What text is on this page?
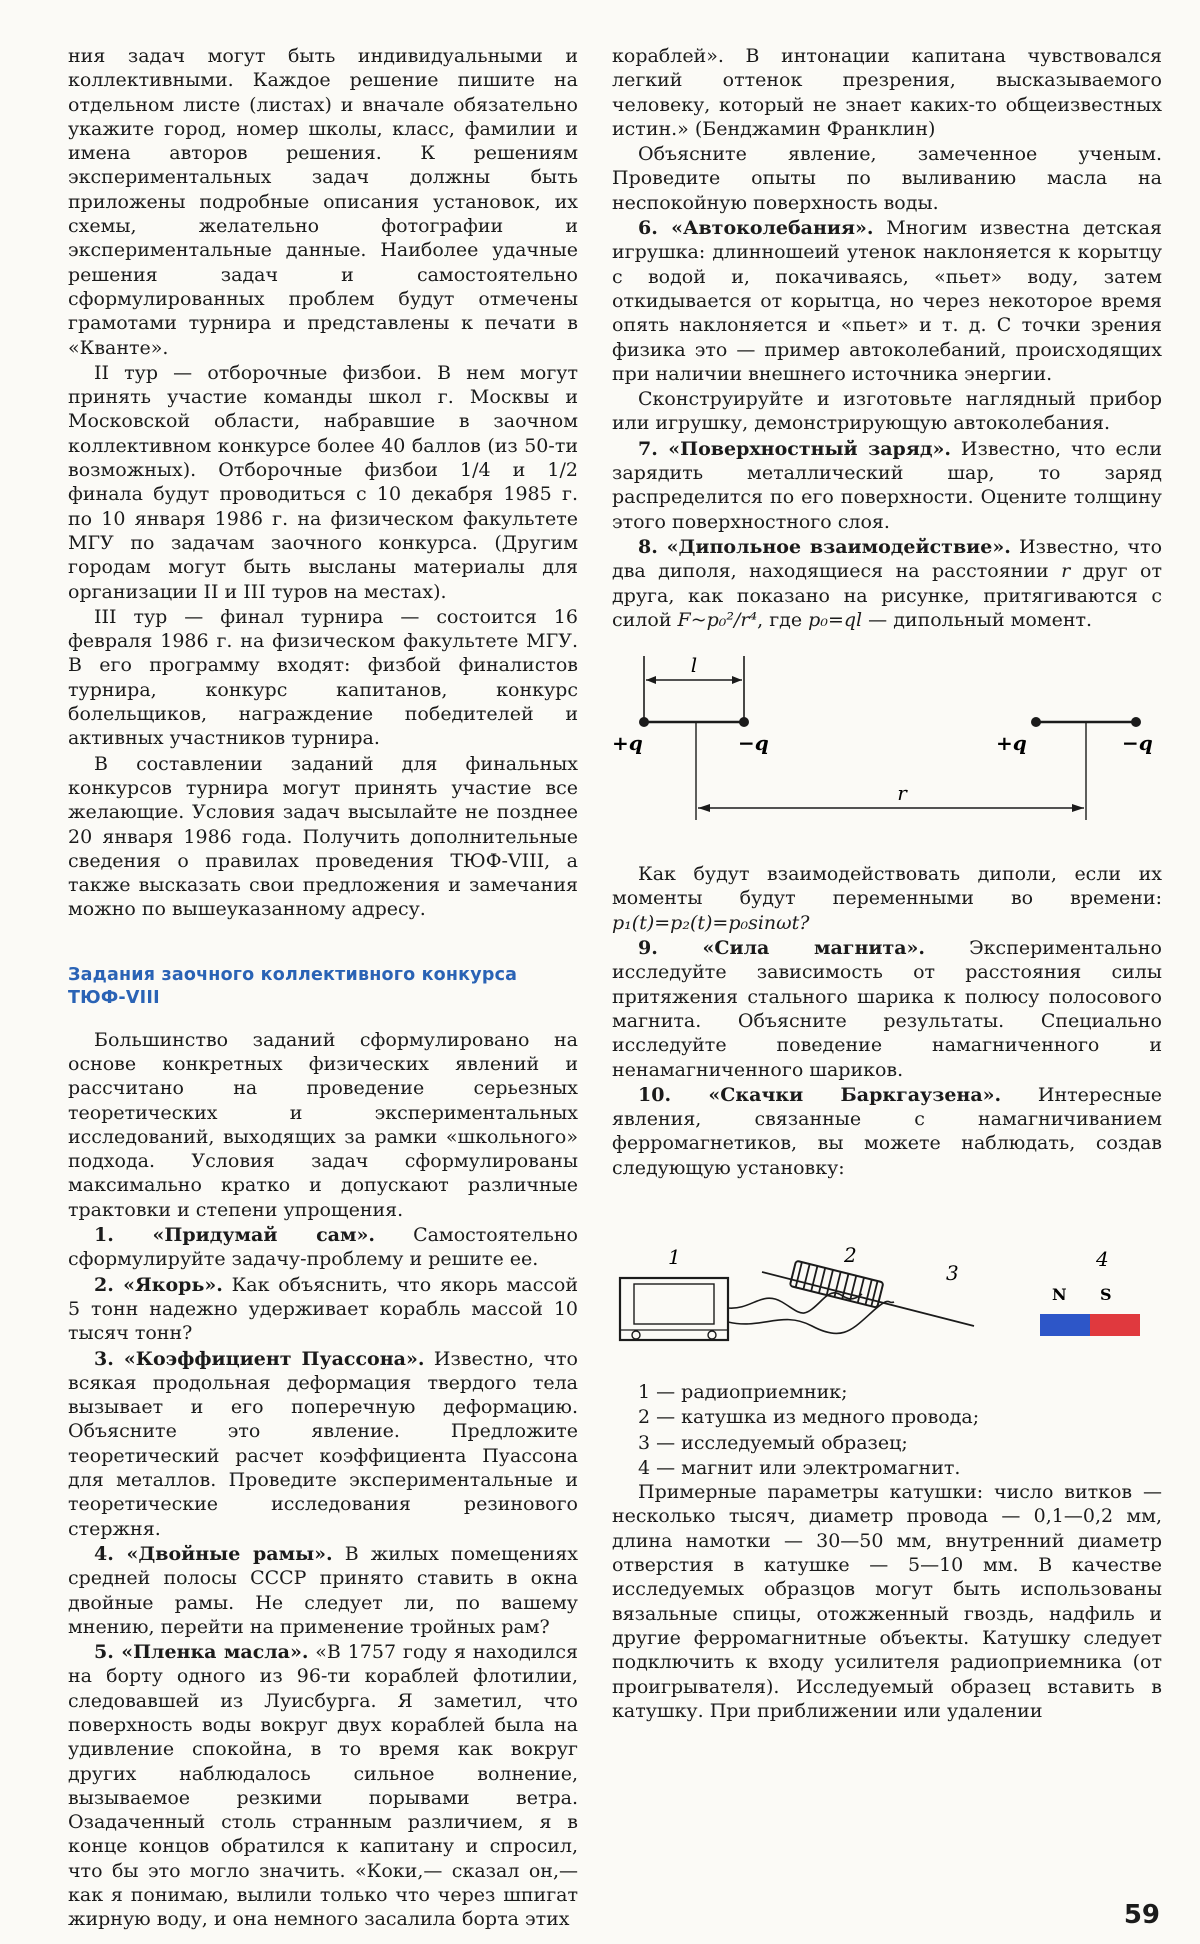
ния задач могут быть индивидуальными и коллективными. Каждое решение пишите на отдельном листе (листах) и вначале обязательно укажите город, номер школы, класс, фамилии и имена авторов решения. К решениям экспериментальных задач должны быть приложены подробные описания установок, их схемы, желательно фотографии и экспериментальные данные. Наиболее удачные решения задач и самостоятельно сформулированных проблем будут отмечены грамотами турнира и представлены к печати в «Кванте».

II тур — отборочные физбои. В нем могут принять участие команды школ г. Москвы и Московской области, набравшие в заочном коллективном конкурсе более 40 баллов (из 50-ти возможных). Отборочные физбои 1/4 и 1/2 финала будут проводиться с 10 декабря 1985 г. по 10 января 1986 г. на физическом факультете МГУ по задачам заочного конкурса. (Другим городам могут быть высланы материалы для организации II и III туров на местах).

III тур — финал турнира — состоится 16 февраля 1986 г. на физическом факультете МГУ. В его программу входят: физбой финалистов турнира, конкурс капитанов, конкурс болельщиков, награждение победителей и активных участников турнира.

В составлении заданий для финальных конкурсов турнира могут принять участие все желающие. Условия задач высылайте не позднее 20 января 1986 года. Получить дополнительные сведения о правилах проведения ТЮФ-VIII, а также высказать свои предложения и замечания можно по вышеуказанному адресу.

Задания заочного коллективного конкурса ТЮФ-VIII

Большинство заданий сформулировано на основе конкретных физических явлений и рассчитано на проведение серьезных теоретических и экспериментальных исследований, выходящих за рамки «школьного» подхода. Условия задач сформулированы максимально кратко и допускают различные трактовки и степени упрощения.

1. «Придумай сам». Самостоятельно сформулируйте задачу-проблему и решите ее.

2. «Якорь». Как объяснить, что якорь массой 5 тонн надежно удерживает корабль массой 10 тысяч тонн?

3. «Коэффициент Пуассона». Известно, что всякая продольная деформация твердого тела вызывает и его поперечную деформацию. Объясните это явление. Предложите теоретический расчет коэффициента Пуассона для металлов. Проведите экспериментальные и теоретические исследования резинового стержня.

4. «Двойные рамы». В жилых помещениях средней полосы СССР принято ставить в окна двойные рамы. Не следует ли, по вашему мнению, перейти на применение тройных рам?

5. «Пленка масла». «В 1757 году я находился на борту одного из 96-ти кораблей флотилии, следовавшей из Луисбурга. Я заметил, что поверхность воды вокруг двух кораблей была на удивление спокойна, в то время как вокруг других наблюдалось сильное волнение, вызываемое резкими порывами ветра. Озадаченный столь странным различием, я в конце концов обратился к капитану и спросил, что бы это могло значить. «Коки,— сказал он,— как я понимаю, вылили только что через шпигат жирную воду, и она немного засалила борта этих

кораблей». В интонации капитана чувствовался легкий оттенок презрения, высказываемого человеку, который не знает каких-то общеизвестных истин.» (Бенджамин Франклин)

Объясните явление, замеченное ученым. Проведите опыты по выливанию масла на неспокойную поверхность воды.

6. «Автоколебания». Многим известна детская игрушка: длинношеий утенок наклоняется к корытцу с водой и, покачиваясь, «пьет» воду, затем откидывается от корытца, но через некоторое время опять наклоняется и «пьет» и т. д. С точки зрения физика это — пример автоколебаний, происходящих при наличии внешнего источника энергии.

Сконструируйте и изготовьте наглядный прибор или игрушку, демонстрирующую автоколебания.

7. «Поверхностный заряд». Известно, что если зарядить металлический шар, то заряд распределится по его поверхности. Оцените толщину этого поверхностного слоя.

8. «Дипольное взаимодействие». Известно, что два диполя, находящиеся на расстоянии r друг от друга, как показано на рисунке, притягиваются с силой F~p₀²/r⁴, где p₀=ql — дипольный момент.

l
+q	−q	+q	−q
r

Как будут взаимодействовать диполи, если их моменты будут переменными во времени: p₁(t)=p₂(t)=p₀sinωt?

9. «Сила магнита». Экспериментально исследуйте зависимость от расстояния силы притяжения стального шарика к полюсу полосового магнита. Объясните результаты. Специально исследуйте поведение намагниченного и ненамагниченного шариков.

10. «Скачки Баркгаузена». Интересные явления, связанные с намагничиванием ферромагнетиков, вы можете наблюдать, создав следующую установку:

1	2
3
4
N S

1 — радиоприемник;

2 — катушка из медного провода;

3 — исследуемый образец;

4 — магнит или электромагнит.

Примерные параметры катушки: число витков — несколько тысяч, диаметр провода — 0,1—0,2 мм, длина намотки — 30—50 мм, внутренний диаметр отверстия в катушке — 5—10 мм. В качестве исследуемых образцов могут быть использованы вязальные спицы, отожженный гвоздь, надфиль и другие ферромагнитные объекты. Катушку следует подключить к входу усилителя радиоприемника (от проигрывателя). Исследуемый образец вставить в катушку. При приближении или удалении

59
